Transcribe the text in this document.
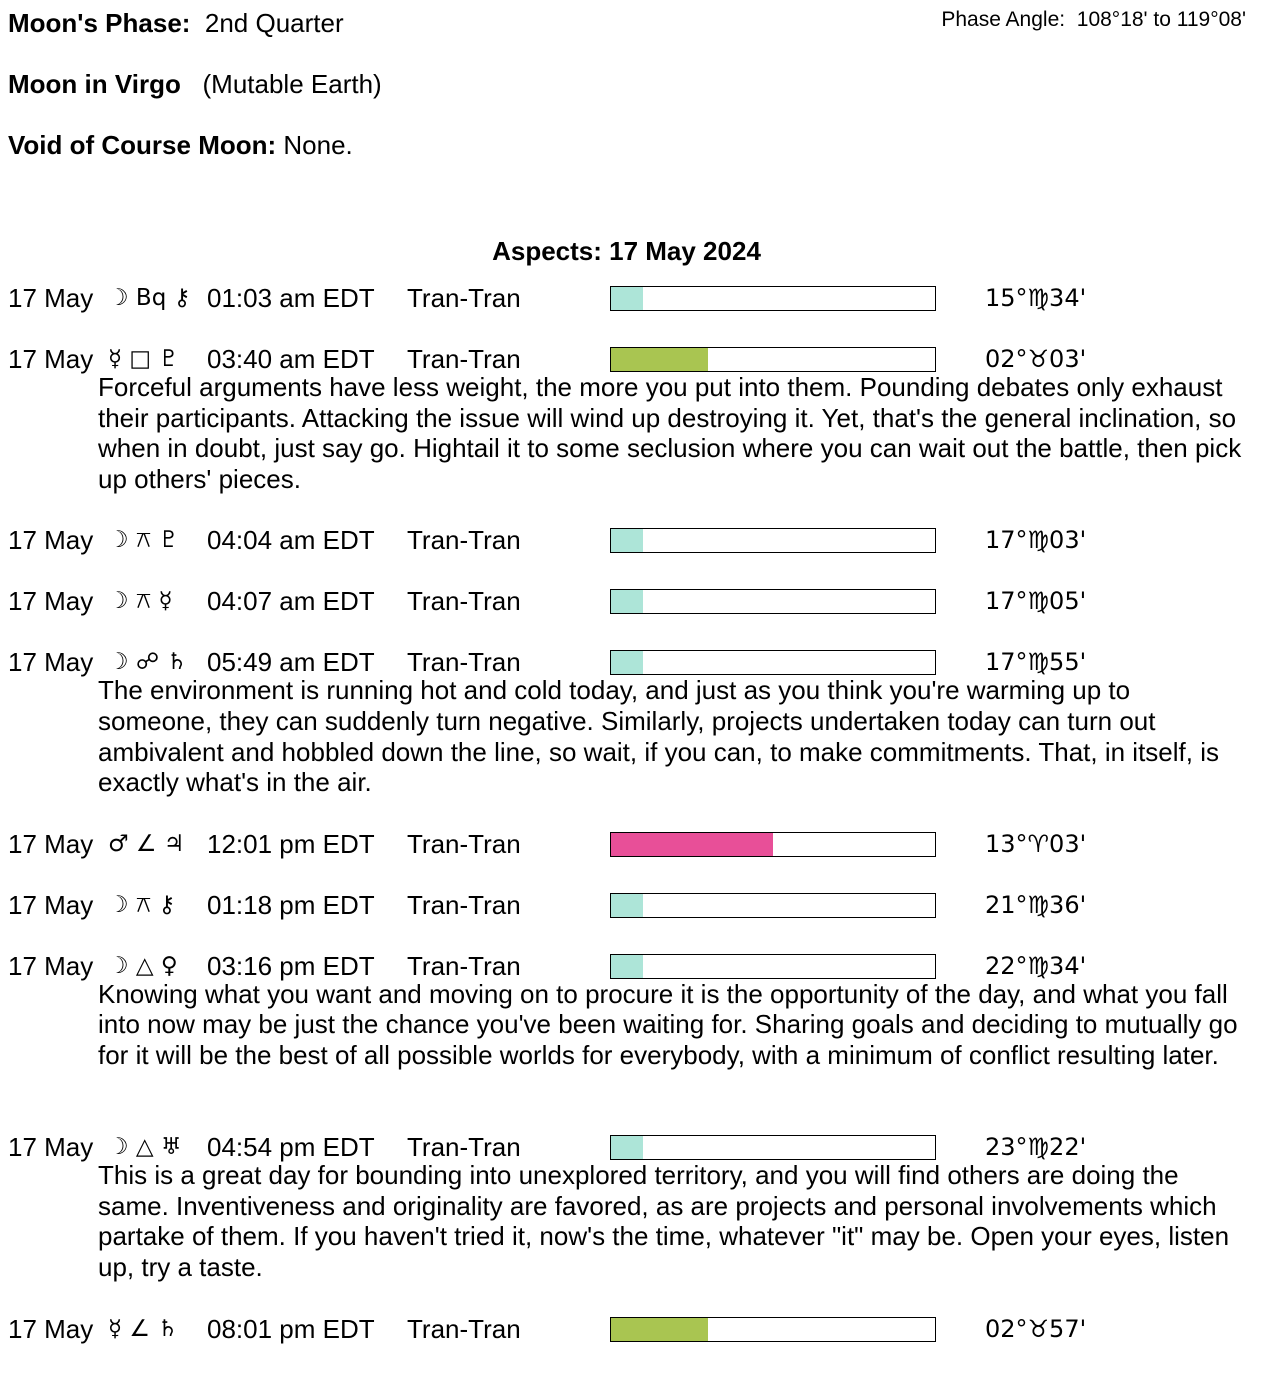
Moon's Phase: 2nd Quarter	Phase Angle: 108°18' to 119°08'
Moon in Virgo (Mutable Earth)
Void of Course Moon: None.
Aspects: 17 May 2024
17 May ☽ Bq ⚷ 01:03 am EDT Tran-Tran	15°♍34'
17 May ☿ □ ♇ 03:40 am EDT Tran-Tran	02°♉03'
Forceful arguments have less weight, the more you put into them. Pounding debates only exhaust their participants. Attacking the issue will wind up destroying it. Yet, that's the general inclination, so when in doubt, just say go. Hightail it to some seclusion where you can wait out the battle, then pick up others' pieces.
17 May ☽ ⚻ ♇ 04:04 am EDT Tran-Tran	17°♍03'
17 May ☽ ⚻ ☿ 04:07 am EDT Tran-Tran	17°♍05'
17 May ☽ ☍ ♄ 05:49 am EDT Tran-Tran	17°♍55'
The environment is running hot and cold today, and just as you think you're warming up to someone, they can suddenly turn negative. Similarly, projects undertaken today can turn out ambivalent and hobbled down the line, so wait, if you can, to make commitments. That, in itself, is exactly what's in the air.
17 May ♂ ∠ ♃ 12:01 pm EDT Tran-Tran	13°♈03'
17 May ☽ ⚻ ⚷ 01:18 pm EDT Tran-Tran	21°♍36'
17 May ☽ △ ♀ 03:16 pm EDT Tran-Tran	22°♍34'
Knowing what you want and moving on to procure it is the opportunity of the day, and what you fall into now may be just the chance you've been waiting for. Sharing goals and deciding to mutually go for it will be the best of all possible worlds for everybody, with a minimum of conflict resulting later.
17 May ☽ △ ♅ 04:54 pm EDT Tran-Tran	23°♍22'
This is a great day for bounding into unexplored territory, and you will find others are doing the same. Inventiveness and originality are favored, as are projects and personal involvements which partake of them. If you haven't tried it, now's the time, whatever "it" may be. Open your eyes, listen up, try a taste.
17 May ☿ ∠ ♄ 08:01 pm EDT Tran-Tran	02°♉57'
